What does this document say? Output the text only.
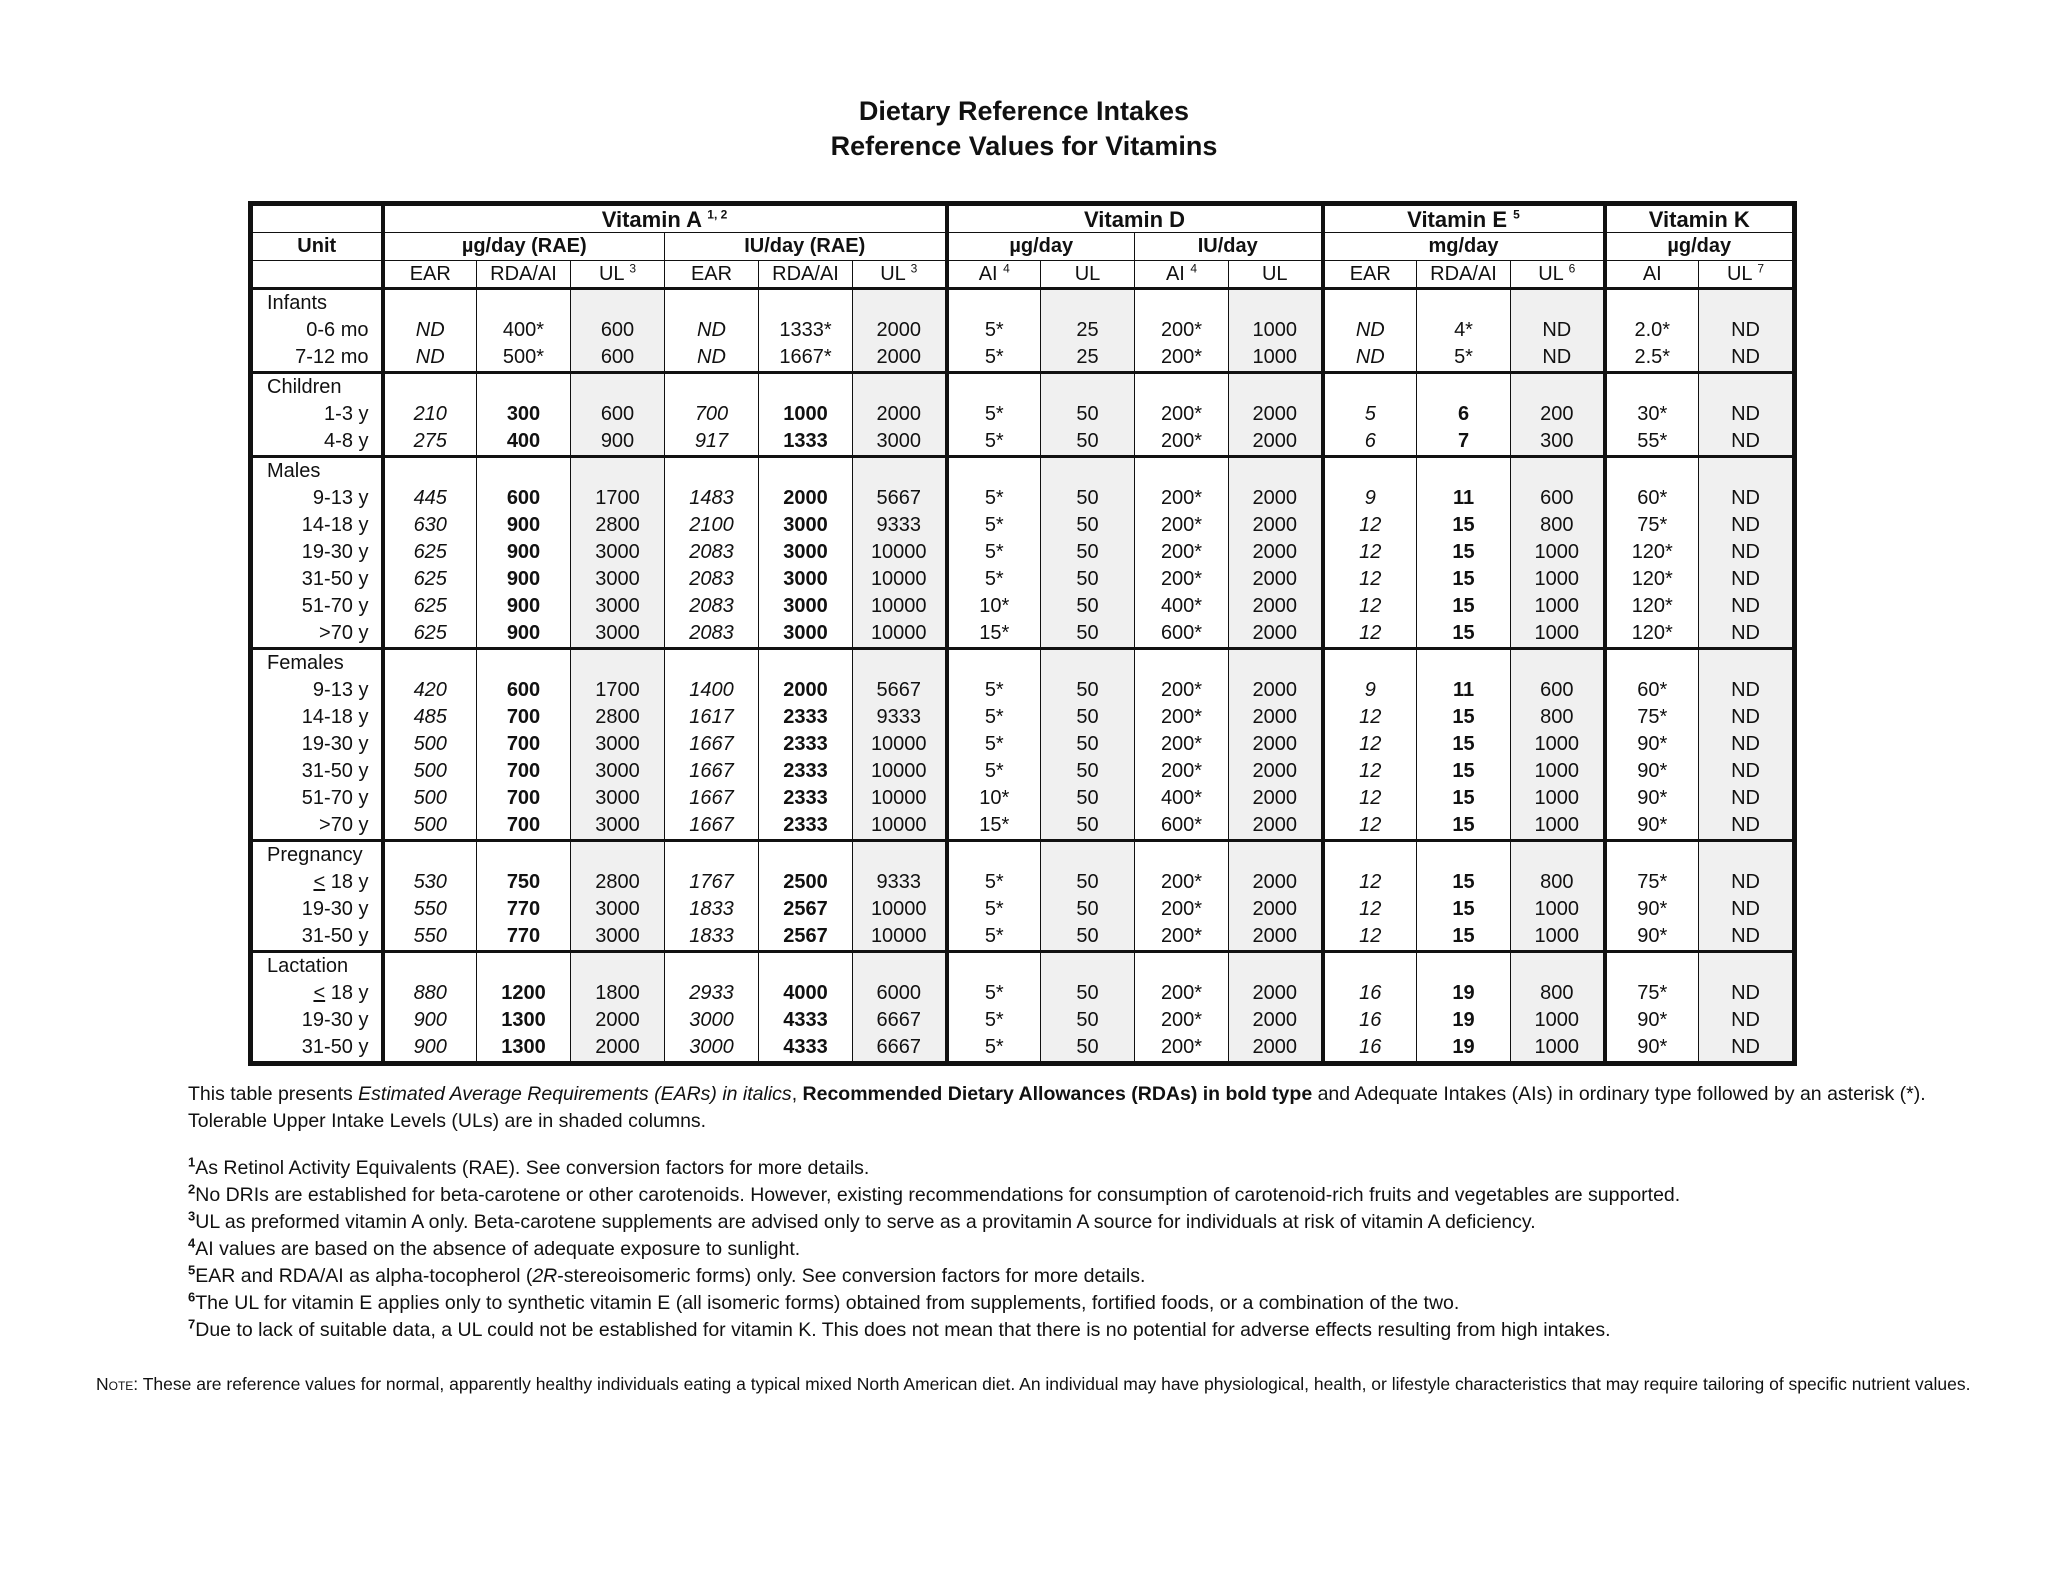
Dietary Reference Intakes
Reference Values for Vitamins
	Vitamin A $^{1, 2}$						Vitamin D				Vitamin E $^5$			Vitamin K	
Unit	µg/day (RAE)			IU/day (RAE)			µg/day		IU/day		mg/day			µg/day	
	EAR	RDA/AI	UL $^3$	EAR	RDA/AI	UL $^3$	AI $^4$	UL	AI $^4$	UL	EAR	RDA/AI	UL $^6$	AI	UL $^7$
Infants															
0-6 mo	ND	400*	600	ND	1333*	2000	5*	25	200*	1000	ND	4*	ND	2.0*	ND
7-12 mo	ND	500*	600	ND	1667*	2000	5*	25	200*	1000	ND	5*	ND	2.5*	ND
Children															
1-3 y	210	300	600	700	1000	2000	5*	50	200*	2000	5	6	200	30*	ND
4-8 y	275	400	900	917	1333	3000	5*	50	200*	2000	6	7	300	55*	ND
Males															
9-13 y	445	600	1700	1483	2000	5667	5*	50	200*	2000	9	11	600	60*	ND
14-18 y	630	900	2800	2100	3000	9333	5*	50	200*	2000	12	15	800	75*	ND
19-30 y	625	900	3000	2083	3000	10000	5*	50	200*	2000	12	15	1000	120*	ND
31-50 y	625	900	3000	2083	3000	10000	5*	50	200*	2000	12	15	1000	120*	ND
51-70 y	625	900	3000	2083	3000	10000	10*	50	400*	2000	12	15	1000	120*	ND
>70 y	625	900	3000	2083	3000	10000	15*	50	600*	2000	12	15	1000	120*	ND
Females															
9-13 y	420	600	1700	1400	2000	5667	5*	50	200*	2000	9	11	600	60*	ND
14-18 y	485	700	2800	1617	2333	9333	5*	50	200*	2000	12	15	800	75*	ND
19-30 y	500	700	3000	1667	2333	10000	5*	50	200*	2000	12	15	1000	90*	ND
31-50 y	500	700	3000	1667	2333	10000	5*	50	200*	2000	12	15	1000	90*	ND
51-70 y	500	700	3000	1667	2333	10000	10*	50	400*	2000	12	15	1000	90*	ND
>70 y	500	700	3000	1667	2333	10000	15*	50	600*	2000	12	15	1000	90*	ND
Pregnancy															
< 18 y	530	750	2800	1767	2500	9333	5*	50	200*	2000	12	15	800	75*	ND
19-30 y	550	770	3000	1833	2567	10000	5*	50	200*	2000	12	15	1000	90*	ND
31-50 y	550	770	3000	1833	2567	10000	5*	50	200*	2000	12	15	1000	90*	ND
Lactation															
< 18 y	880	1200	1800	2933	4000	6000	5*	50	200*	2000	16	19	800	75*	ND
19-30 y	900	1300	2000	3000	4333	6667	5*	50	200*	2000	16	19	1000	90*	ND
31-50 y	900	1300	2000	3000	4333	6667	5*	50	200*	2000	16	19	1000	90*	ND

This table presents Estimated Average Requirements (EARs) in italics, Recommended Dietary Allowances (RDAs) in bold type and Adequate Intakes (AIs) in ordinary type followed by an asterisk (*).

Tolerable Upper Intake Levels (ULs) are in shaded columns.

$^1$As Retinol Activity Equivalents (RAE). See conversion factors for more details.

$^2$No DRIs are established for beta-carotene or other carotenoids. However, existing recommendations for consumption of carotenoid-rich fruits and vegetables are supported.

$^3$UL as preformed vitamin A only. Beta-carotene supplements are advised only to serve as a provitamin A source for individuals at risk of vitamin A deficiency.

$^4$AI values are based on the absence of adequate exposure to sunlight.

$^5$EAR and RDA/AI as alpha-tocopherol (2R-stereoisomeric forms) only. See conversion factors for more details.

$^6$The UL for vitamin E applies only to synthetic vitamin E (all isomeric forms) obtained from supplements, fortified foods, or a combination of the two.

$^7$Due to lack of suitable data, a UL could not be established for vitamin K. This does not mean that there is no potential for adverse effects resulting from high intakes.

Note: These are reference values for normal, apparently healthy individuals eating a typical mixed North American diet. An individual may have physiological, health, or lifestyle characteristics that may require tailoring of specific nutrient values.
